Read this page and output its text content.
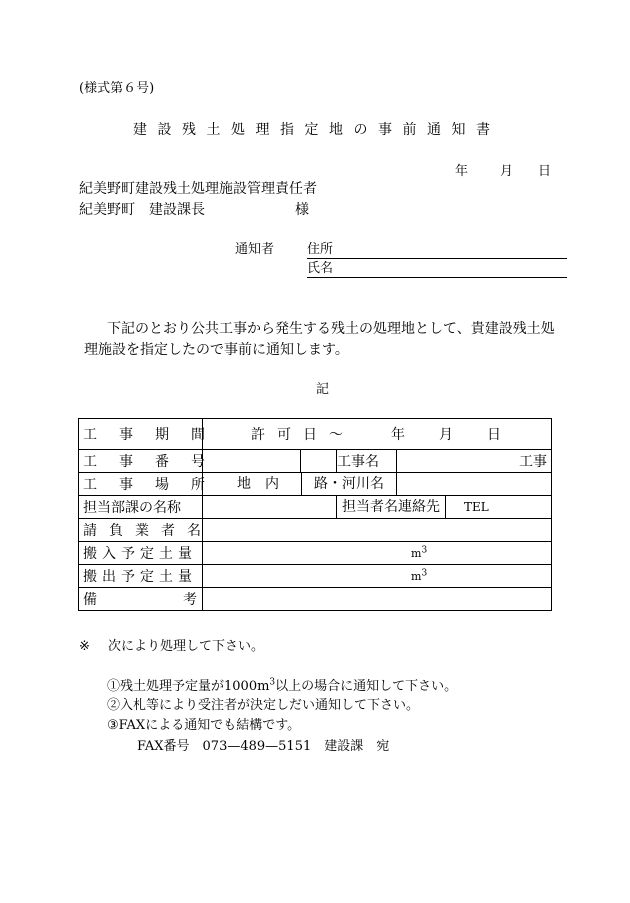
(様式第６号)
建設残土処理指定地の事前通知書
年 月 日
紀美野町建設残土処理施設管理責任者
紀美野町　建設課長	様
通知者	住所
氏名
下記のとおり公共工事から発生する残土の処理地として、貴建設残土処
理施設を指定したので事前に通知します。
記
工事期間	許可日～ 年 月 日			
工事番号			工事名	工事
工事場所	地内 路・河川名			
担当部課の名称			担当者名連絡先 TEL	
請負業者名				
搬入予定土量	$m^3$
搬出予定土量	$m^3$
備考				
※ 次により処理して下さい。
①残土処理予定量が$1000m^3$以上の場合に通知して下さい。
②入札等により受注者が決定しだい通知して下さい。
③FAXによる通知でも結構です。
FAX番号　073—489—5151　建設課　宛
